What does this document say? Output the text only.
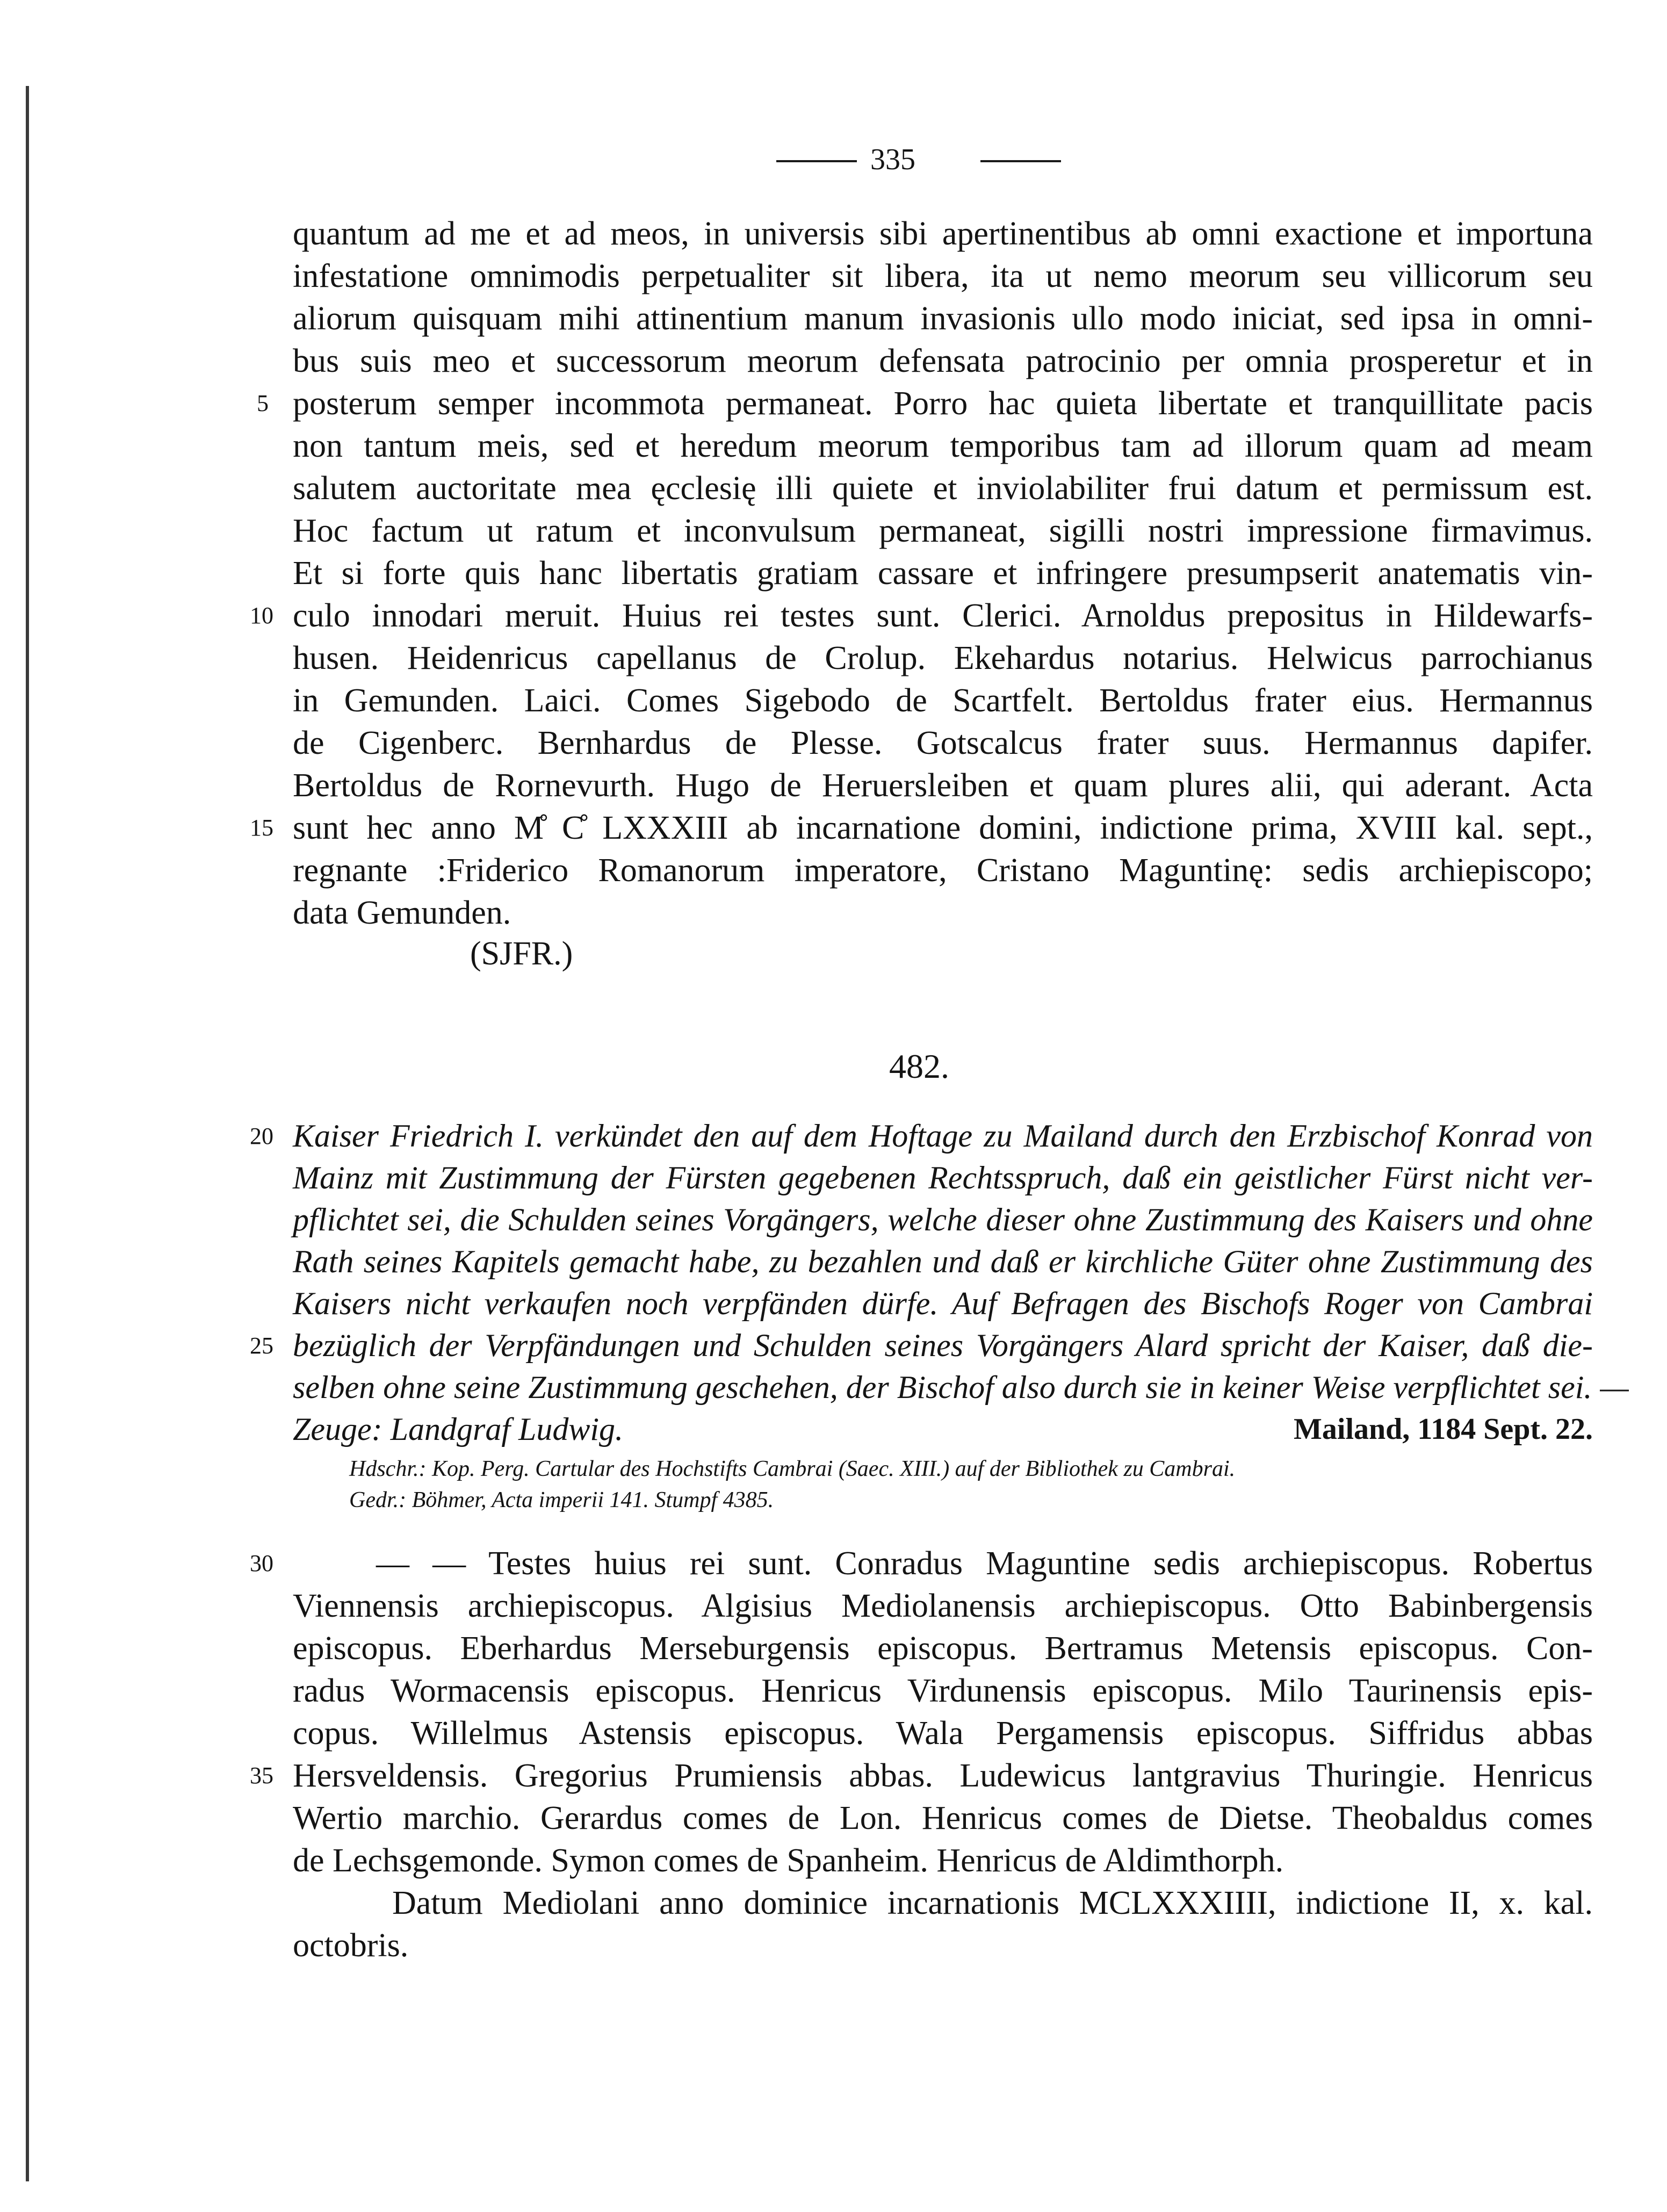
335
quantum ad me et ad meos, in universis sibi apertinentibus ab omni exactione et importuna
infestatione omnimodis perpetualiter sit libera, ita ut nemo meorum seu villicorum seu
aliorum quisquam mihi attinentium manum invasionis ullo modo iniciat, sed ipsa in omni-
bus suis meo et successorum meorum defensata patrocinio per omnia prosperetur et in
posterum semper incommota permaneat. Porro hac quieta libertate et tranquillitate pacis
non tantum meis, sed et heredum meorum temporibus tam ad illorum quam ad meam
salutem auctoritate mea ęcclesię illi quiete et inviolabiliter frui datum et permissum est.
Hoc factum ut ratum et inconvulsum permaneat, sigilli nostri impressione firmavimus.
Et si forte quis hanc libertatis gratiam cassare et infringere presumpserit anatematis vin-
culo innodari meruit. Huius rei testes sunt. Clerici. Arnoldus prepositus in Hildewarfs-
husen. Heidenricus capellanus de Crolup. Ekehardus notarius. Helwicus parrochianus
in Gemunden. Laici. Comes Sigebodo de Scartfelt. Bertoldus frater eius. Hermannus
de Cigenberc. Bernhardus de Plesse. Gotscalcus frater suus. Hermannus dapifer.
Bertoldus de Rornevurth. Hugo de Heruersleiben et quam plures alii, qui aderant. Acta
sunt hec anno M̊ C̊ LXXXIII ab incarnatione domini, indictione prima, XVIII kal. sept.,
regnante :Friderico Romanorum imperatore, Cristano Maguntinę: sedis archiepiscopo;
data Gemunden.
(SJFR.)
482.
Kaiser Friedrich I. verkündet den auf dem Hoftage zu Mailand durch den Erzbischof Konrad von
Mainz mit Zustimmung der Fürsten gegebenen Rechtsspruch, daß ein geistlicher Fürst nicht ver-
pflichtet sei, die Schulden seines Vorgängers, welche dieser ohne Zustimmung des Kaisers und ohne
Rath seines Kapitels gemacht habe, zu bezahlen und daß er kirchliche Güter ohne Zustimmung des
Kaisers nicht verkaufen noch verpfänden dürfe. Auf Befragen des Bischofs Roger von Cambrai
bezüglich der Verpfändungen und Schulden seines Vorgängers Alard spricht der Kaiser, daß die-
selben ohne seine Zustimmung geschehen, der Bischof also durch sie in keiner Weise verpflichtet sei. —
Zeuge: Landgraf Ludwig.	Mailand, 1184 Sept. 22.
Hdschr.: Kop. Perg. Cartular des Hochstifts Cambrai (Saec. XIII.) auf der Bibliothek zu Cambrai.
Gedr.: Böhmer, Acta imperii 141. Stumpf 4385.
— — Testes huius rei sunt. Conradus Maguntine sedis archiepiscopus. Robertus
Viennensis archiepiscopus. Algisius Mediolanensis archiepiscopus. Otto Babinbergensis
episcopus. Eberhardus Merseburgensis episcopus. Bertramus Metensis episcopus. Con-
radus Wormacensis episcopus. Henricus Virdunensis episcopus. Milo Taurinensis epis-
copus. Willelmus Astensis episcopus. Wala Pergamensis episcopus. Siffridus abbas
Hersveldensis. Gregorius Prumiensis abbas. Ludewicus lantgravius Thuringie. Henricus
Wertio marchio. Gerardus comes de Lon. Henricus comes de Dietse. Theobaldus comes
de Lechsgemonde. Symon comes de Spanheim. Henricus de Aldimthorph.
Datum Mediolani anno dominice incarnationis MCLXXXIIII, indictione II, x. kal.
octobris.
5
10
15
20
25
30
35
